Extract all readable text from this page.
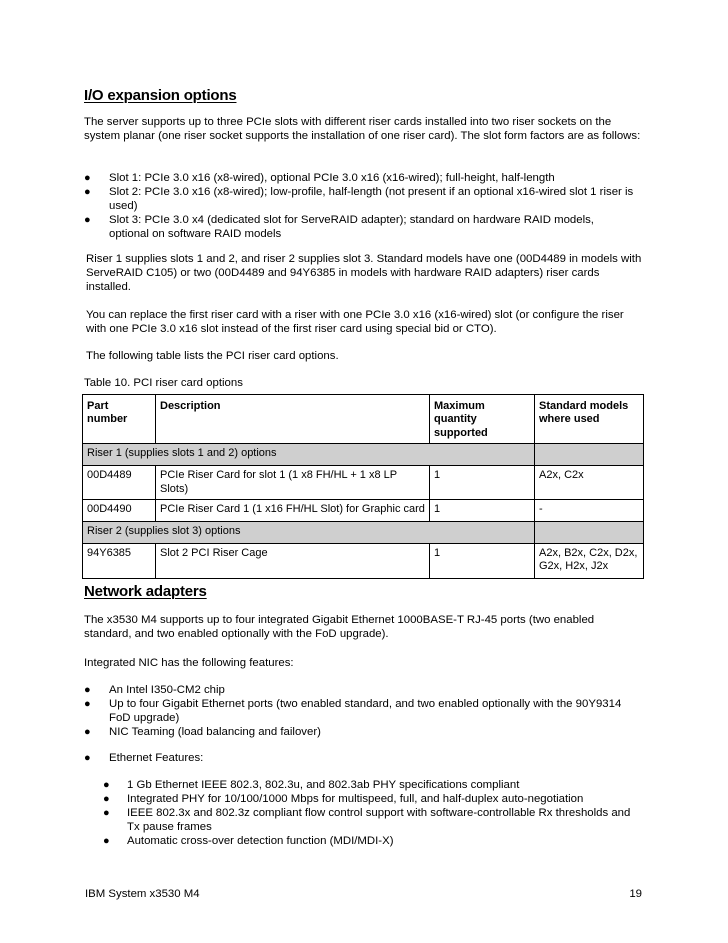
I/O expansion options

The server supports up to three PCIe slots with different riser cards installed into two riser sockets on the system planar (one riser socket supports the installation of one riser card). The slot form factors are as follows:

● Slot 1: PCIe 3.0 x16 (x8-wired), optional PCIe 3.0 x16 (x16-wired); full-height, half-length
● Slot 2: PCIe 3.0 x16 (x8-wired); low-profile, half-length (not present if an optional x16-wired slot 1 riser is used)
● Slot 3: PCIe 3.0 x4 (dedicated slot for ServeRAID adapter); standard on hardware RAID models, optional on software RAID models

Riser 1 supplies slots 1 and 2, and riser 2 supplies slot 3. Standard models have one (00D4489 in models with ServeRAID C105) or two (00D4489 and 94Y6385 in models with hardware RAID adapters) riser cards installed.

You can replace the first riser card with a riser with one PCIe 3.0 x16 (x16-wired) slot (or configure the riser with one PCIe 3.0 x16 slot instead of the first riser card using special bid or CTO).

The following table lists the PCI riser card options.

Table 10. PCI riser card options

Part number	Description	Maximum quantity supported	Standard models where used
Riser 1 (supplies slots 1 and 2) options			
00D4489	PCIe Riser Card for slot 1 (1 x8 FH/HL + 1 x8 LP Slots)	1	A2x, C2x
00D4490	PCIe Riser Card 1 (1 x16 FH/HL Slot) for Graphic card	1	-
Riser 2 (supplies slot 3) options			
94Y6385	Slot 2 PCI Riser Cage	1	A2x, B2x, C2x, D2x, G2x, H2x, J2x
Network adapters

The x3530 M4 supports up to four integrated Gigabit Ethernet 1000BASE-T RJ-45 ports (two enabled standard, and two enabled optionally with the FoD upgrade).

Integrated NIC has the following features:

● An Intel I350-CM2 chip
● Up to four Gigabit Ethernet ports (two enabled standard, and two enabled optionally with the 90Y9314 FoD upgrade)
● NIC Teaming (load balancing and failover)
● Ethernet Features:
● 1 Gb Ethernet IEEE 802.3, 802.3u, and 802.3ab PHY specifications compliant
● Integrated PHY for 10/100/1000 Mbps for multispeed, full, and half-duplex auto-negotiation
● IEEE 802.3x and 802.3z compliant flow control support with software-controllable Rx thresholds and Tx pause frames
● Automatic cross-over detection function (MDI/MDI-X)
IBM System x3530 M4	19
